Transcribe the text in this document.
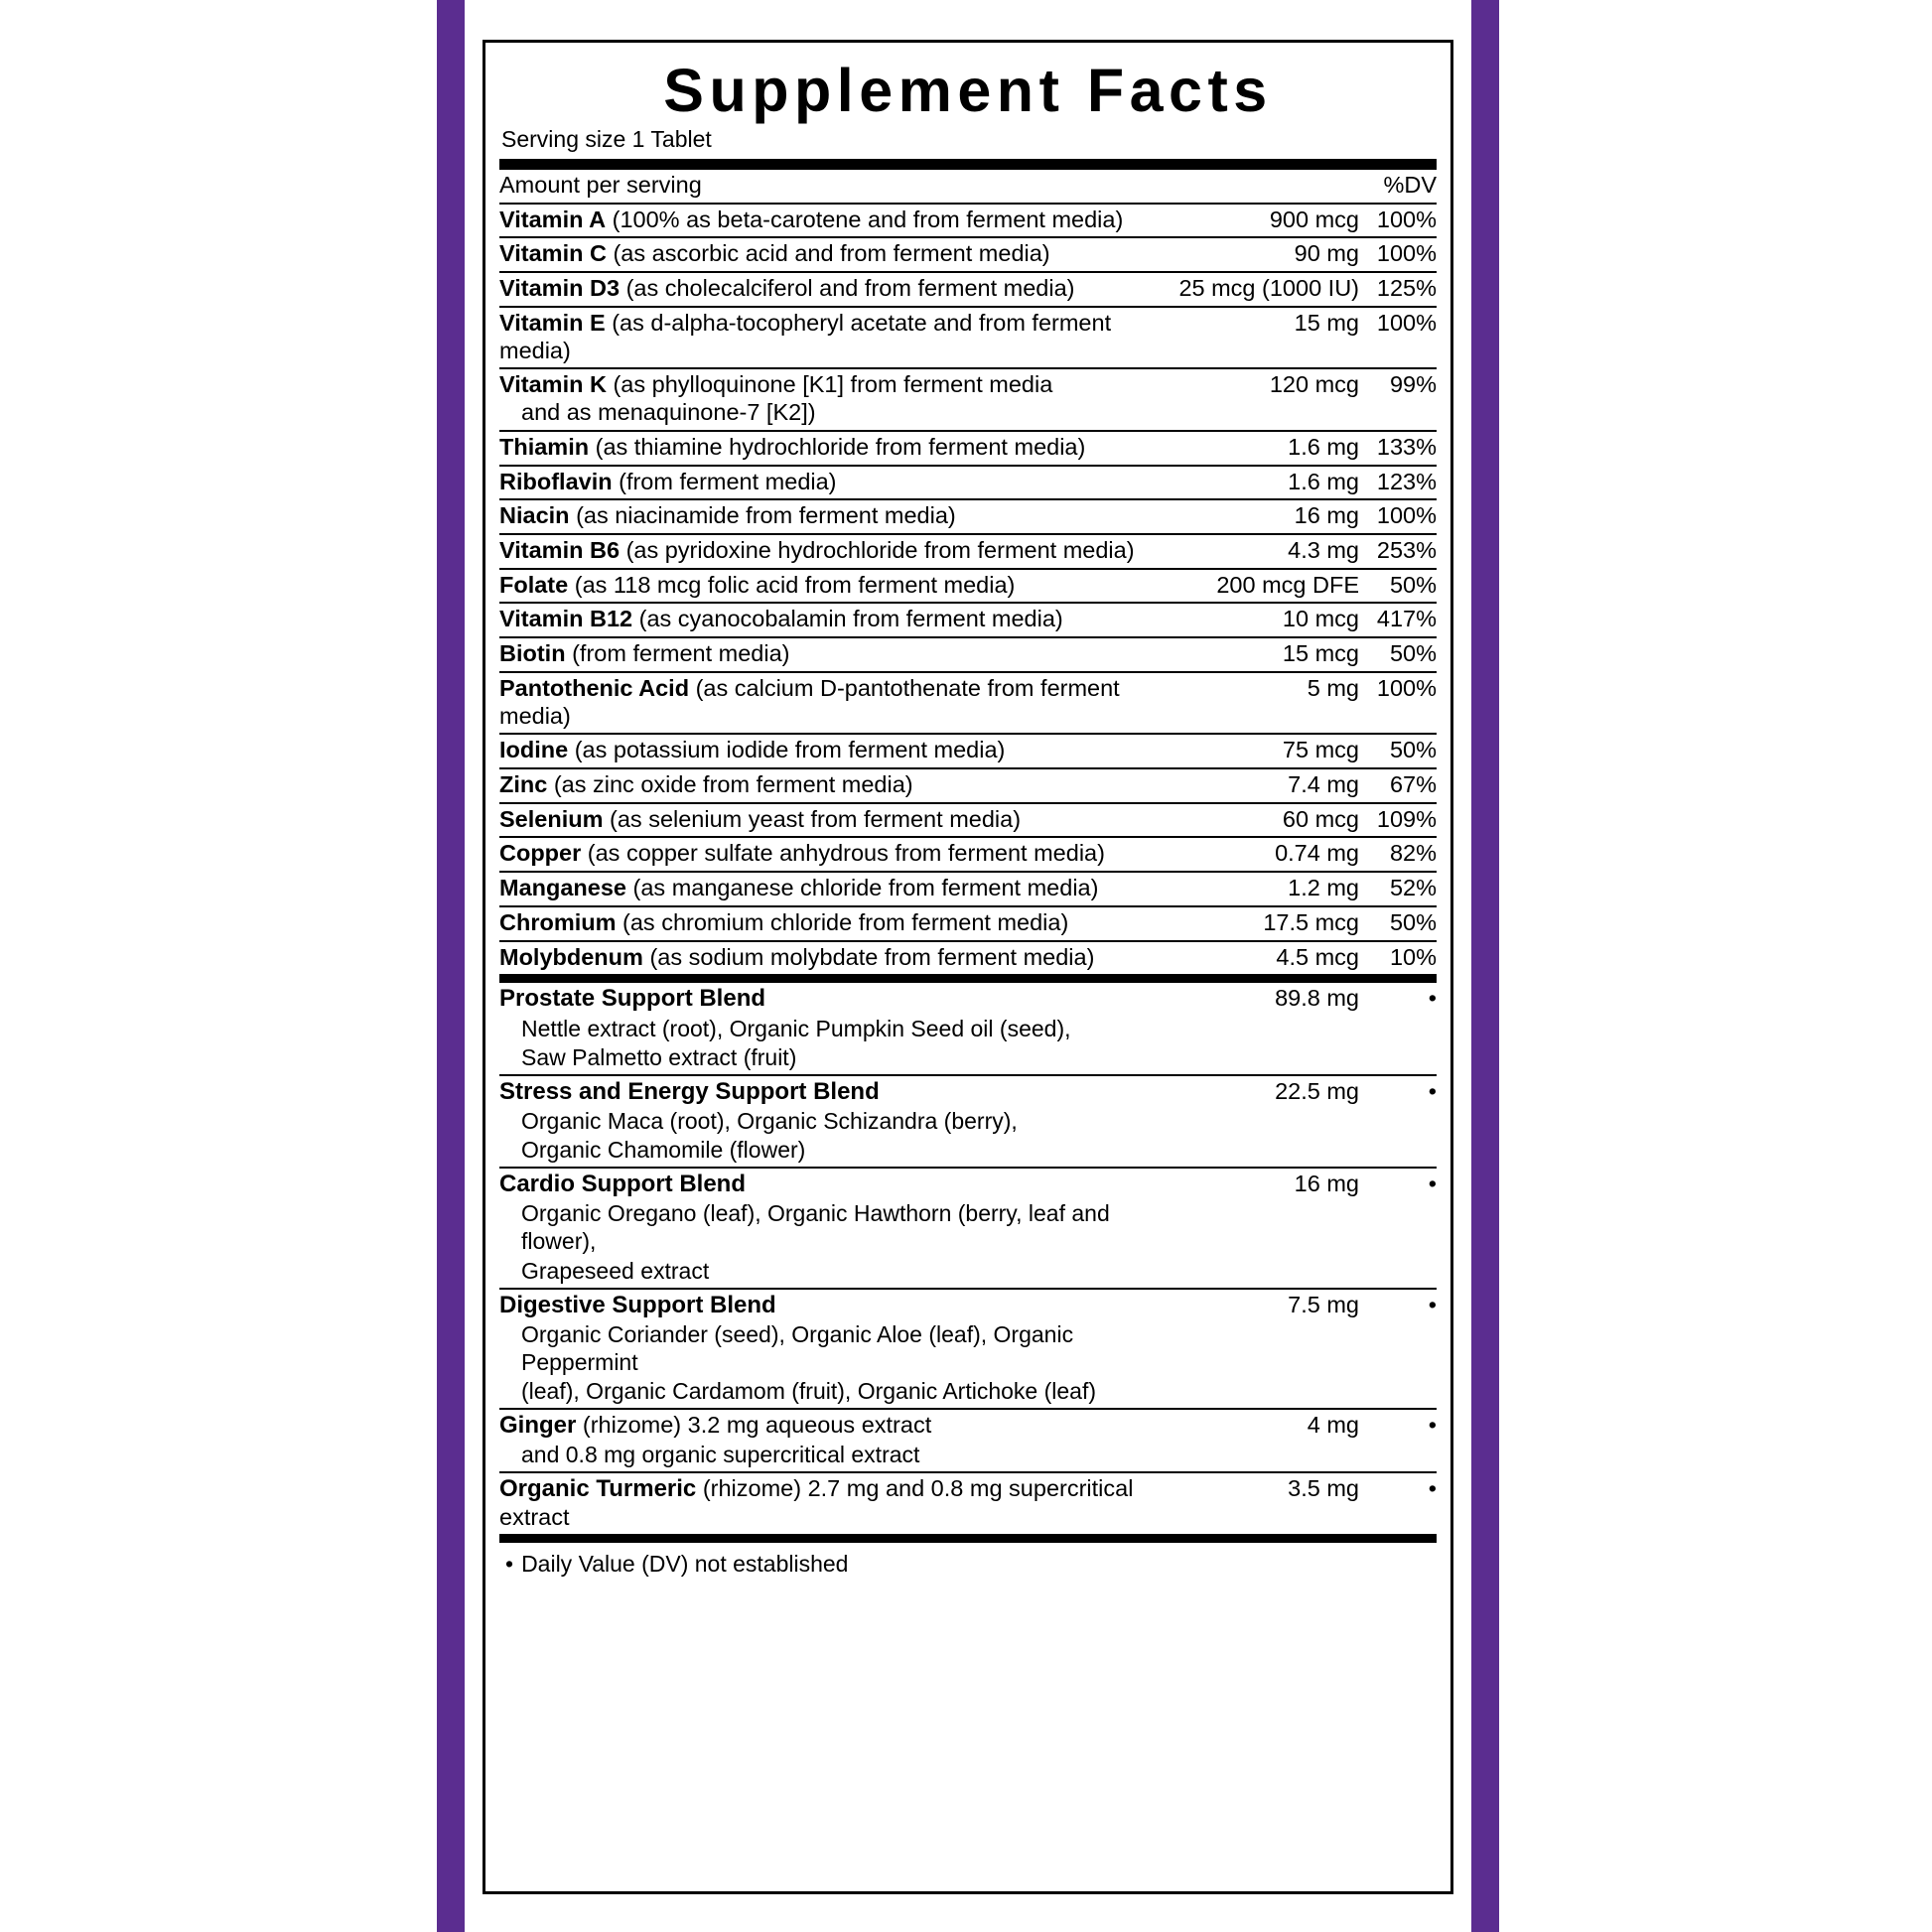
Supplement Facts
Serving size 1 Tablet
Amount per serving	%DV
Vitamin A (100% as beta-carotene and from ferment media)	900 mcg	100%
Vitamin C (as ascorbic acid and from ferment media)	90 mg	100%
Vitamin D3 (as cholecalciferol and from ferment media)	25 mcg (1000 IU)	125%
Vitamin E (as d-alpha-tocopheryl acetate and from ferment media)	15 mg	100%
Vitamin K (as phylloquinone [K1] from ferment media
and as menaquinone-7 [K2])	120 mcg	99%
Thiamin (as thiamine hydrochloride from ferment media)	1.6 mg	133%
Riboflavin (from ferment media)	1.6 mg	123%
Niacin (as niacinamide from ferment media)	16 mg	100%
Vitamin B6 (as pyridoxine hydrochloride from ferment media)	4.3 mg	253%
Folate (as 118 mcg folic acid from ferment media)	200 mcg DFE	50%
Vitamin B12 (as cyanocobalamin from ferment media)	10 mcg	417%
Biotin (from ferment media)	15 mcg	50%
Pantothenic Acid (as calcium D-pantothenate from ferment media)	5 mg	100%
Iodine (as potassium iodide from ferment media)	75 mcg	50%
Zinc (as zinc oxide from ferment media)	7.4 mg	67%
Selenium (as selenium yeast from ferment media)	60 mcg	109%
Copper (as copper sulfate anhydrous from ferment media)	0.74 mg	82%
Manganese (as manganese chloride from ferment media)	1.2 mg	52%
Chromium (as chromium chloride from ferment media)	17.5 mcg	50%
Molybdenum (as sodium molybdate from ferment media)	4.5 mcg	10%
Prostate Support Blend
Nettle extract (root), Organic Pumpkin Seed oil (seed),
Saw Palmetto extract (fruit)	89.8 mg	•
Stress and Energy Support Blend
Organic Maca (root), Organic Schizandra (berry),
Organic Chamomile (flower)	22.5 mg	•
Cardio Support Blend
Organic Oregano (leaf), Organic Hawthorn (berry, leaf and flower),
Grapeseed extract	16 mg	•
Digestive Support Blend
Organic Coriander (seed), Organic Aloe (leaf), Organic Peppermint
(leaf), Organic Cardamom (fruit), Organic Artichoke (leaf)	7.5 mg	•
Ginger (rhizome) 3.2 mg aqueous extract
and 0.8 mg organic supercritical extract	4 mg	•
Organic Turmeric (rhizome) 2.7 mg and 0.8 mg supercritical extract	3.5 mg	•
• Daily Value (DV) not established
